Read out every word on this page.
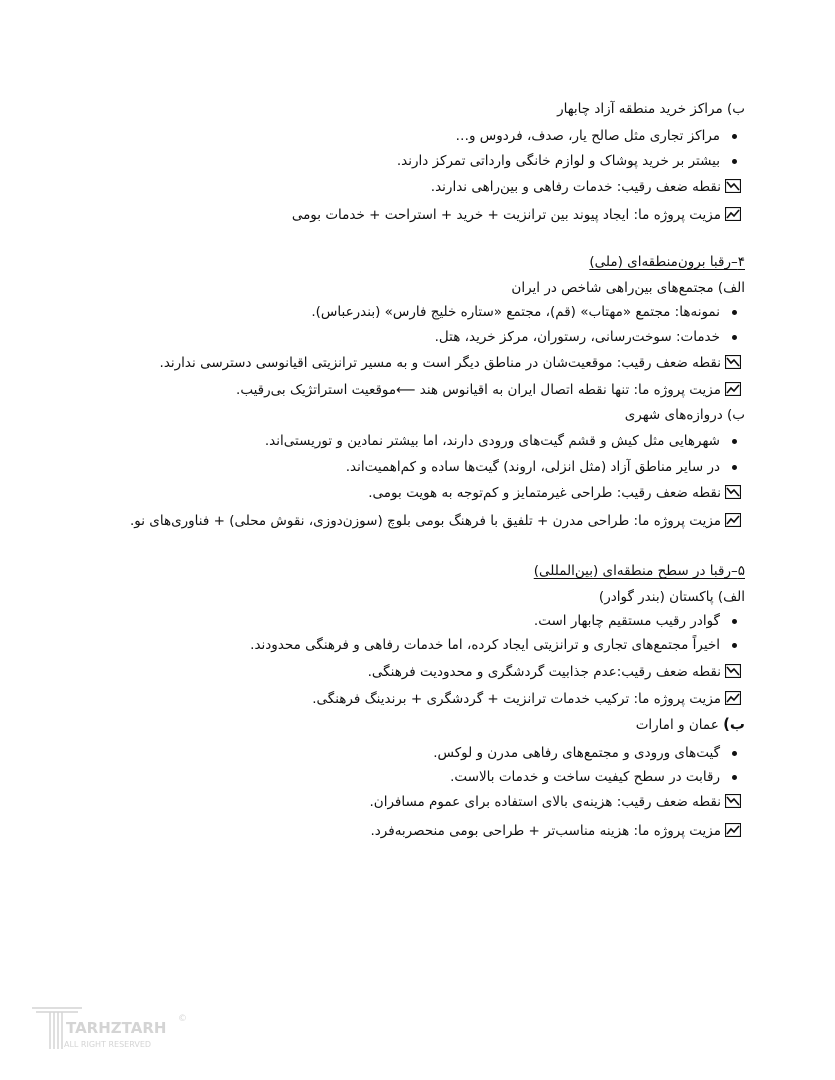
ب) مراکز خرید منطقه آزاد چابهار
مراکز تجاری مثل صالح یار، صدف، فردوس و…
بیشتر بر خرید پوشاک و لوازم خانگی وارداتی تمرکز دارند.
نقطه ضعف رقیب: خدمات رفاهی و بین‌راهی ندارند.
مزیت پروژه ما: ایجاد پیوند بین ترانزیت + خرید + استراحت + خدمات بومی
۴–رقبا برون‌منطقه‌ای (ملی)
الف) مجتمع‌های بین‌راهی شاخص در ایران
نمونه‌ها: مجتمع «مهتاب» (قم)، مجتمع «ستاره خلیج فارس» (بندرعباس).
خدمات: سوخت‌رسانی، رستوران، مرکز خرید، هتل.
نقطه ضعف رقیب: موقعیت‌شان در مناطق دیگر است و به مسیر ترانزیتی اقیانوسی دسترسی ندارند.
مزیت پروژه ما: تنها نقطه اتصال ایران به اقیانوس هند ⟵موقعیت استراتژیک بی‌رقیب.
ب) دروازه‌های شهری
شهرهایی مثل کیش و قشم گیت‌های ورودی دارند، اما بیشتر نمادین و توریستی‌اند.
در سایر مناطق آزاد (مثل انزلی، اروند) گیت‌ها ساده و کم‌اهمیت‌اند.
نقطه ضعف رقیب: طراحی غیرمتمایز و کم‌توجه به هویت بومی.
مزیت پروژه ما: طراحی مدرن + تلفیق با فرهنگ بومی بلوچ (سوزن‌دوزی، نقوش محلی) + فناوری‌های نو.
۵–رقبا در سطح منطقه‌ای (بین‌المللی)
الف) پاکستان (بندر گوادر)
گوادر رقیب مستقیم چابهار است.
اخیراً مجتمع‌های تجاری و ترانزیتی ایجاد کرده، اما خدمات رفاهی و فرهنگی محدودند.
نقطه ضعف رقیب:عدم جذابیت گردشگری و محدودیت فرهنگی.
مزیت پروژه ما: ترکیب خدمات ترانزیت + گردشگری + برندینگ فرهنگی.
ب) عمان و امارات
گیت‌های ورودی و مجتمع‌های رفاهی مدرن و لوکس.
رقابت در سطح کیفیت ساخت و خدمات بالاست.
نقطه ضعف رقیب: هزینه‌ی بالای استفاده برای عموم مسافران.
مزیت پروژه ما: هزینه مناسب‌تر + طراحی بومی منحصربه‌فرد.
TARHZTARH ©
ALL RIGHT RESERVED
